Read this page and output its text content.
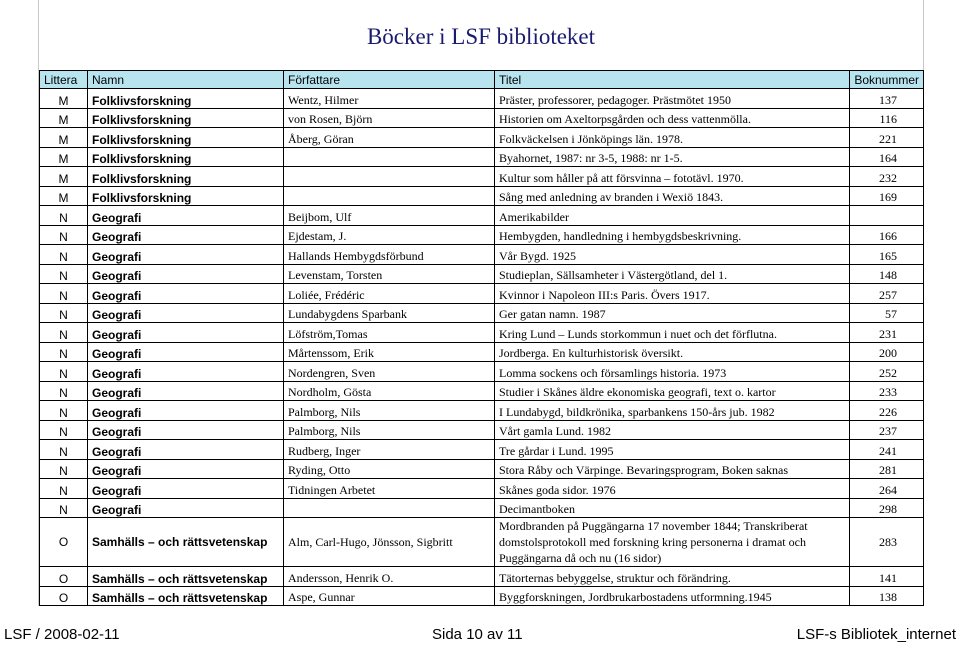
Böcker i LSF biblioteket
Littera	Namn	Författare	Titel	Boknummer
M	Folklivsforskning	Wentz, Hilmer	Präster, professorer, pedagoger. Prästmötet 1950	137
M	Folklivsforskning	von Rosen, Björn	Historien om Axeltorpsgården och dess vattenmölla.	116
M	Folklivsforskning	Åberg, Göran	Folkväckelsen i Jönköpings län. 1978.	221
M	Folklivsforskning		Byahornet, 1987: nr 3-5, 1988: nr 1-5.	164
M	Folklivsforskning		Kultur som håller på att försvinna – fototävl. 1970.	232
M	Folklivsforskning		Sång med anledning av branden i Wexiö 1843.	169
N	Geografi	Beijbom, Ulf	Amerikabilder	
N	Geografi	Ejdestam, J.	Hembygden, handledning i hembygdsbeskrivning.	166
N	Geografi	Hallands Hembygdsförbund	Vår Bygd. 1925	165
N	Geografi	Levenstam, Torsten	Studieplan, Sällsamheter i Västergötland, del 1.	148
N	Geografi	Loliée, Frédéric	Kvinnor i Napoleon III:s Paris. Övers 1917.	257
N	Geografi	Lundabygdens Sparbank	Ger gatan namn. 1987	57
N	Geografi	Löfström,Tomas	Kring Lund – Lunds storkommun i nuet och det förflutna.	231
N	Geografi	Mårtenssom, Erik	Jordberga. En kulturhistorisk översikt.	200
N	Geografi	Nordengren, Sven	Lomma sockens och församlings historia. 1973	252
N	Geografi	Nordholm, Gösta	Studier i Skånes äldre ekonomiska geografi, text o. kartor	233
N	Geografi	Palmborg, Nils	I Lundabygd, bildkrönika, sparbankens 150-års jub. 1982	226
N	Geografi	Palmborg, Nils	Vårt gamla Lund. 1982	237
N	Geografi	Rudberg, Inger	Tre gårdar i Lund. 1995	241
N	Geografi	Ryding, Otto	Stora Råby och Värpinge. Bevaringsprogram, Boken saknas	281
N	Geografi	Tidningen Arbetet	Skånes goda sidor. 1976	264
N	Geografi		Decimantboken	298
O	Samhälls – och rättsvetenskap	Alm, Carl-Hugo, Jönsson, Sigbritt	Mordbranden på Puggängarna 17 november 1844; Transkriberat domstolsprotokoll med forskning kring personerna i dramat och Puggängarna då och nu (16 sidor)	283
O	Samhälls – och rättsvetenskap	Andersson, Henrik O.	Tätorternas bebyggelse, struktur och förändring.	141
O	Samhälls – och rättsvetenskap	Aspe, Gunnar	Byggforskningen, Jordbrukarbostadens utformning.1945	138
LSF / 2008-02-11	Sida 10 av 11	LSF-s Bibliotek_internet
